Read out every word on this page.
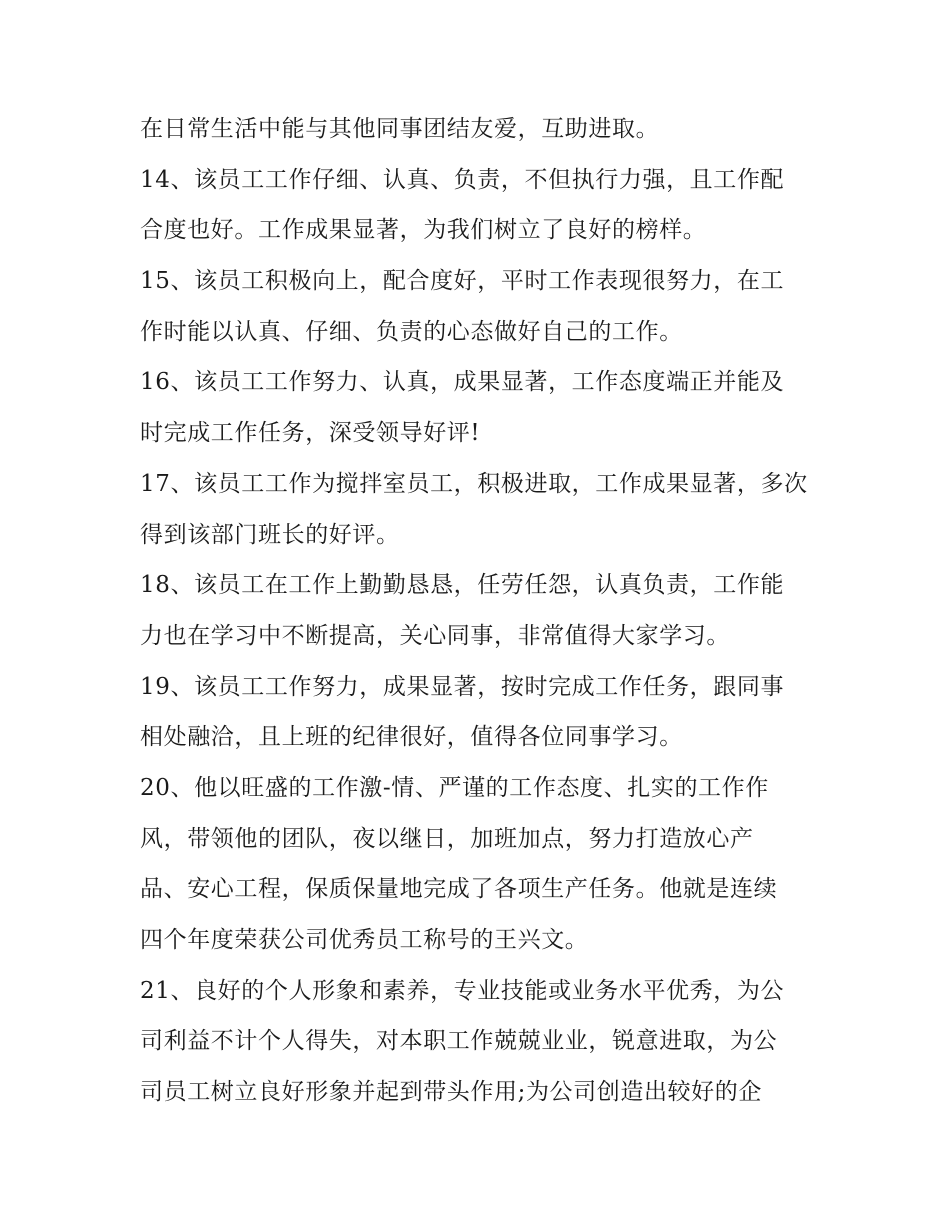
在日常生活中能与其他同事团结友爱，互助进取。
14、该员工工作仔细、认真、负责，不但执行力强，且工作配
合度也好。工作成果显著，为我们树立了良好的榜样。
15、该员工积极向上，配合度好，平时工作表现很努力，在工
作时能以认真、仔细、负责的心态做好自己的工作。
16、该员工工作努力、认真，成果显著，工作态度端正并能及
时完成工作任务，深受领导好评!
17、该员工工作为搅拌室员工，积极进取，工作成果显著，多次
得到该部门班长的好评。
18、该员工在工作上勤勤恳恳，任劳任怨，认真负责，工作能
力也在学习中不断提高，关心同事，非常值得大家学习。
19、该员工工作努力，成果显著，按时完成工作任务，跟同事
相处融洽，且上班的纪律很好，值得各位同事学习。
20、他以旺盛的工作激-情、严谨的工作态度、扎实的工作作
风，带领他的团队，夜以继日，加班加点，努力打造放心产
品、安心工程，保质保量地完成了各项生产任务。他就是连续
四个年度荣获公司优秀员工称号的王兴文。
21、良好的个人形象和素养，专业技能或业务水平优秀，为公
司利益不计个人得失，对本职工作兢兢业业，锐意进取，为公
司员工树立良好形象并起到带头作用;为公司创造出较好的企
